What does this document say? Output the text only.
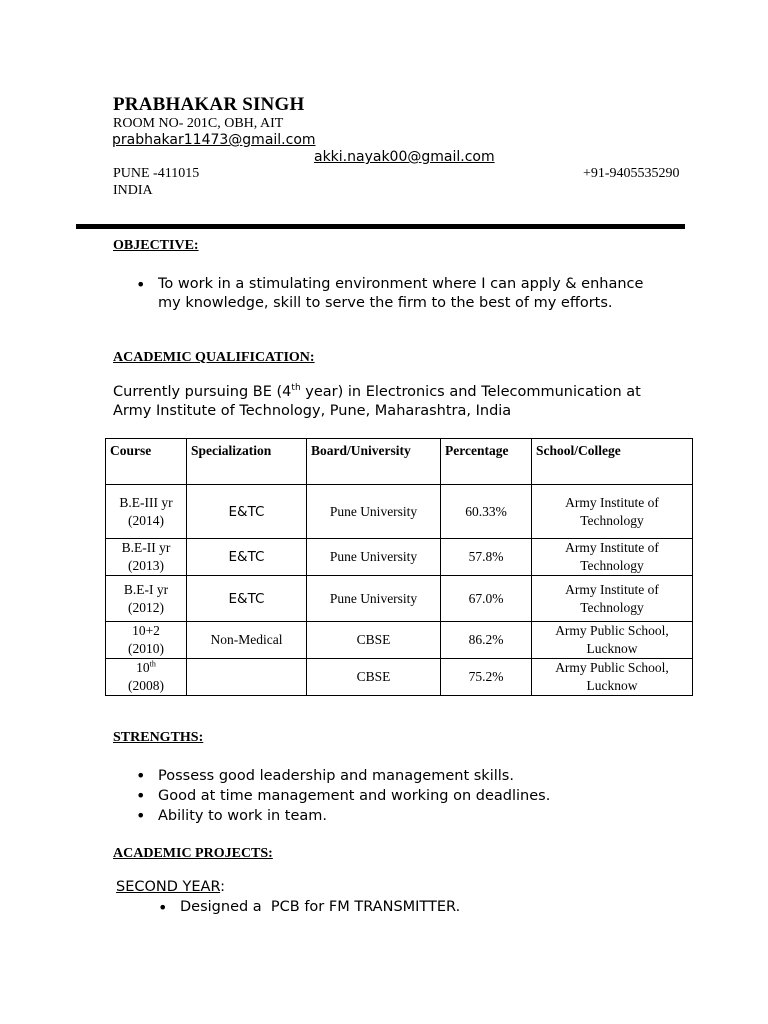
PRABHAKAR SINGH
ROOM NO- 201C, OBH, AIT
prabhakar11473@gmail.com
akki.nayak00@gmail.com
PUNE -411015	+91-9405535290
INDIA
OBJECTIVE:
• To work in a stimulating environment where I can apply & enhance my knowledge, skill to serve the firm to the best of my efforts.
ACADEMIC QUALIFICATION:
Currently pursuing BE (4th year) in Electronics and Telecommunication at Army Institute of Technology, Pune, Maharashtra, India
Course	Specialization	Board/University	Percentage	School/College
B.E-III yr
(2014)	E&TC	Pune University	60.33%	Army Institute of Technology
B.E-II yr
(2013)	E&TC	Pune University	57.8%	Army Institute of Technology
B.E-I yr
(2012)	E&TC	Pune University	67.0%	Army Institute of Technology
10+2
(2010)	Non-Medical	CBSE	86.2%	Army Public School, Lucknow
10th
(2008)		CBSE	75.2%	Army Public School, Lucknow
STRENGTHS:
• Possess good leadership and management skills.
• Good at time management and working on deadlines.
• Ability to work in team.
ACADEMIC PROJECTS:
SECOND YEAR:
• Designed a  PCB for FM TRANSMITTER.
